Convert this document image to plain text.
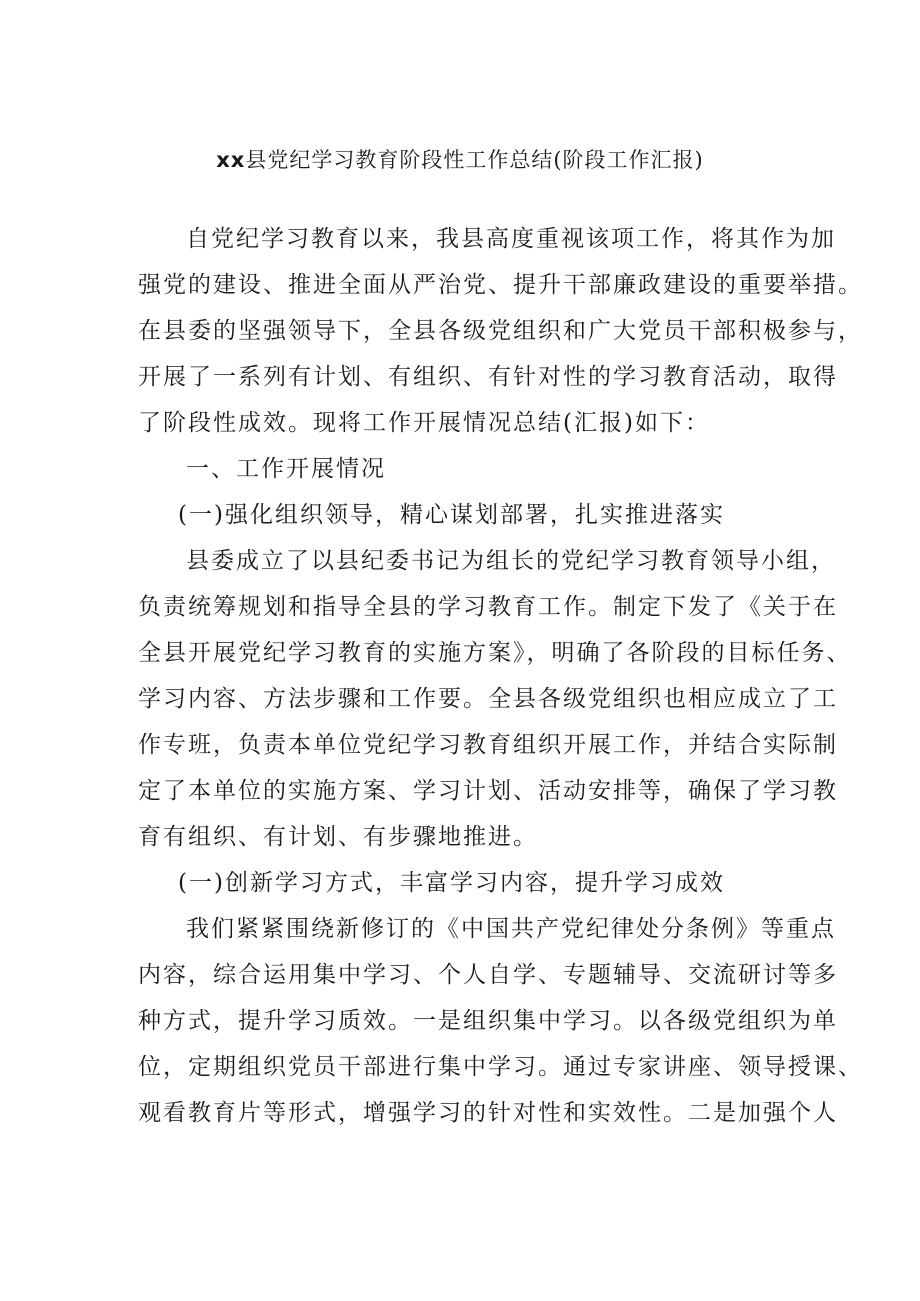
xx县党纪学习教育阶段性工作总结(阶段工作汇报)
自党纪学习教育以来，我县高度重视该项工作，将其作为加
强党的建设、推进全面从严治党、提升干部廉政建设的重要举措。
在县委的坚强领导下，全县各级党组织和广大党员干部积极参与，
开展了一系列有计划、有组织、有针对性的学习教育活动，取得
了阶段性成效。现将工作开展情况总结(汇报)如下：
一、工作开展情况
(一)强化组织领导，精心谋划部署，扎实推进落实
县委成立了以县纪委书记为组长的党纪学习教育领导小组，
负责统筹规划和指导全县的学习教育工作。制定下发了《关于在
全县开展党纪学习教育的实施方案》，明确了各阶段的目标任务、
学习内容、方法步骤和工作要。全县各级党组织也相应成立了工
作专班，负责本单位党纪学习教育组织开展工作，并结合实际制
定了本单位的实施方案、学习计划、活动安排等，确保了学习教
育有组织、有计划、有步骤地推进。
(一)创新学习方式，丰富学习内容，提升学习成效
我们紧紧围绕新修订的《中国共产党纪律处分条例》等重点
内容，综合运用集中学习、个人自学、专题辅导、交流研讨等多
种方式，提升学习质效。一是组织集中学习。以各级党组织为单
位，定期组织党员干部进行集中学习。通过专家讲座、领导授课、
观看教育片等形式，增强学习的针对性和实效性。二是加强个人
